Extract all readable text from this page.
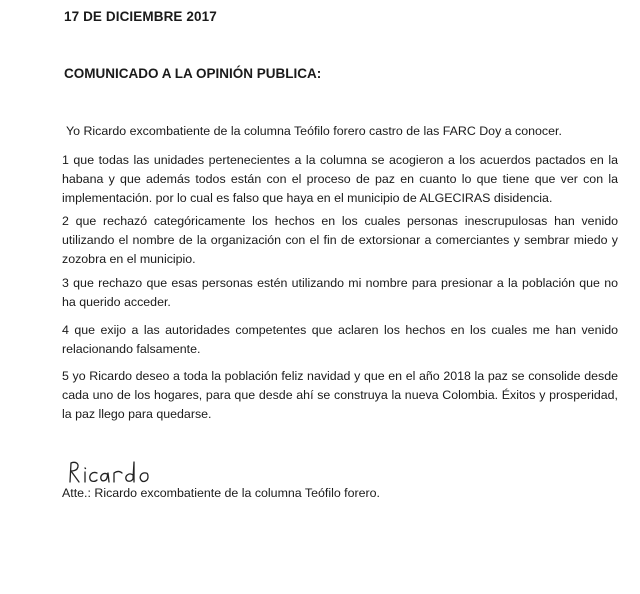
17 DE DICIEMBRE 2017
COMUNICADO A LA OPINIÓN PUBLICA:
Yo Ricardo excombatiente de la columna Teófilo forero castro de las FARC Doy a conocer.
1 que todas las unidades pertenecientes a la columna se acogieron a los acuerdos pactados en la habana y que además todos están con el proceso de paz en cuanto lo que tiene que ver con la implementación. por lo cual es falso que haya en el municipio de ALGECIRAS disidencia.
2 que rechazó categóricamente los hechos en los cuales personas inescrupulosas han venido utilizando el nombre de la organización con el fin de extorsionar a comerciantes y sembrar miedo y zozobra en el municipio.
3 que rechazo que esas personas estén utilizando mi nombre para presionar a la población que no ha querido acceder.
4 que exijo a las autoridades competentes que aclaren los hechos en los cuales me han venido relacionando falsamente.
5 yo Ricardo deseo a toda la población feliz navidad y que en el año 2018 la paz se consolide desde cada uno de los hogares, para que desde ahí se construya la nueva Colombia. Éxitos y prosperidad, la paz llego para quedarse.
Atte.: Ricardo excombatiente de la columna Teófilo forero.
